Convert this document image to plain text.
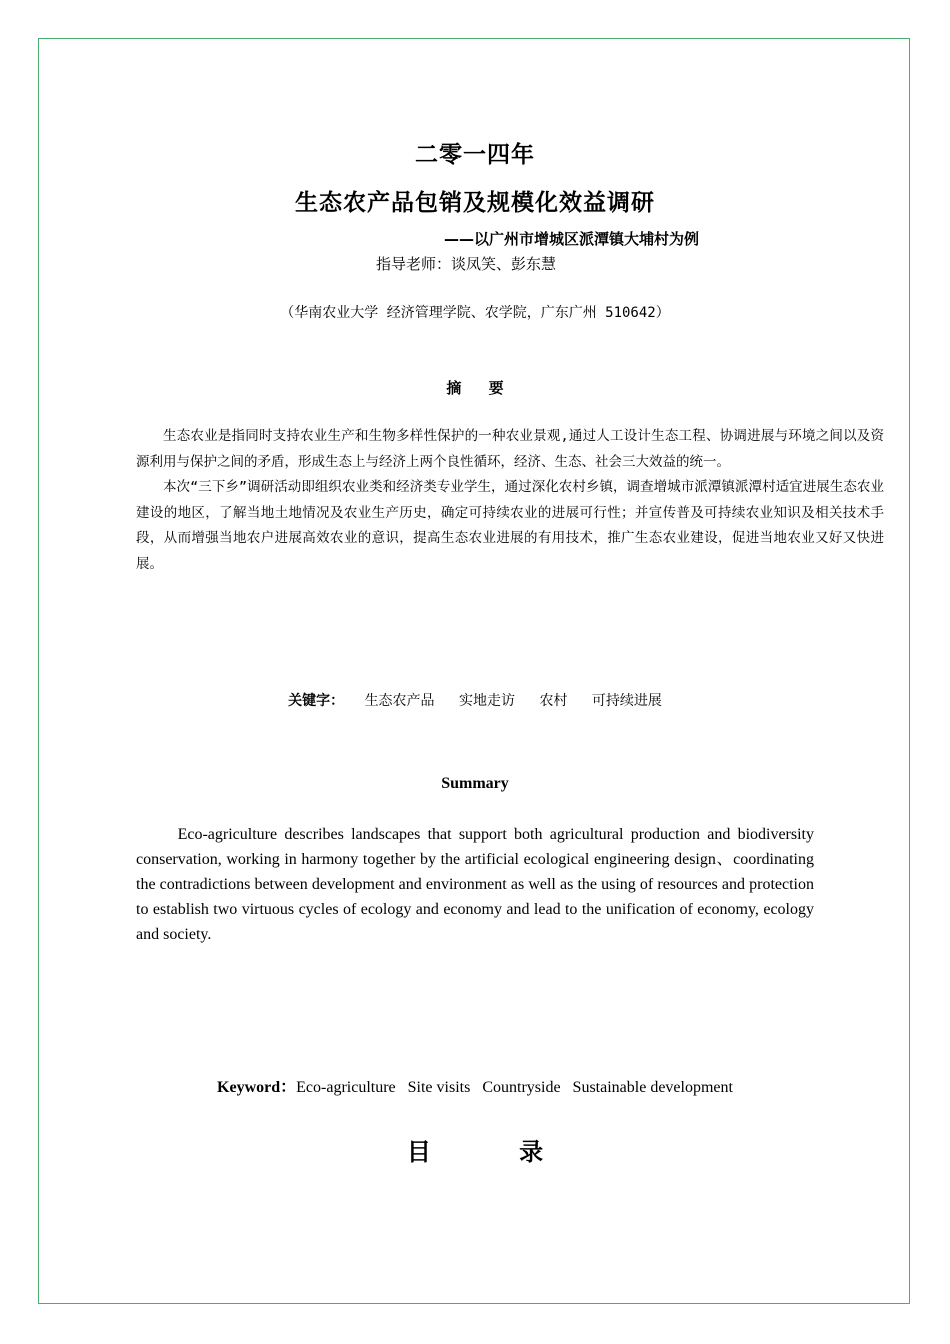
二零一四年
生态农产品包销及规模化效益调研
——以广州市增城区派潭镇大埔村为例
指导老师：谈凤笑、彭东慧
（华南农业大学 经济管理学院、农学院，广东广州 510642）
摘 要

生态农业是指同时支持农业生产和生物多样性保护的一种农业景观,通过人工设计生态工程、协调进展与环境之间以及资源利用与保护之间的矛盾，形成生态上与经济上两个良性循环，经济、生态、社会三大效益的统一。

本次“三下乡”调研活动即组织农业类和经济类专业学生，通过深化农村乡镇，调查增城市派潭镇派潭村适宜进展生态农业建设的地区，了解当地土地情况及农业生产历史，确定可持续农业的进展可行性；并宣传普及可持续农业知识及相关技术手段，从而增强当地农户进展高效农业的意识，提高生态农业进展的有用技术，推广生态农业建设，促进当地农业又好又快进展。

关键字： 生态农产品 实地走访 农村 可持续进展
Summary

Eco-agriculture describes landscapes that support both agricultural production and biodiversity conservation, working in harmony together by the artificial ecological engineering design、coordinating the contradictions between development and environment as well as the using of resources and protection to establish two virtuous cycles of ecology and economy and lead to the unification of economy, ecology and society.

Keyword：Eco-agriculture Site visits Countryside Sustainable development
目 录
